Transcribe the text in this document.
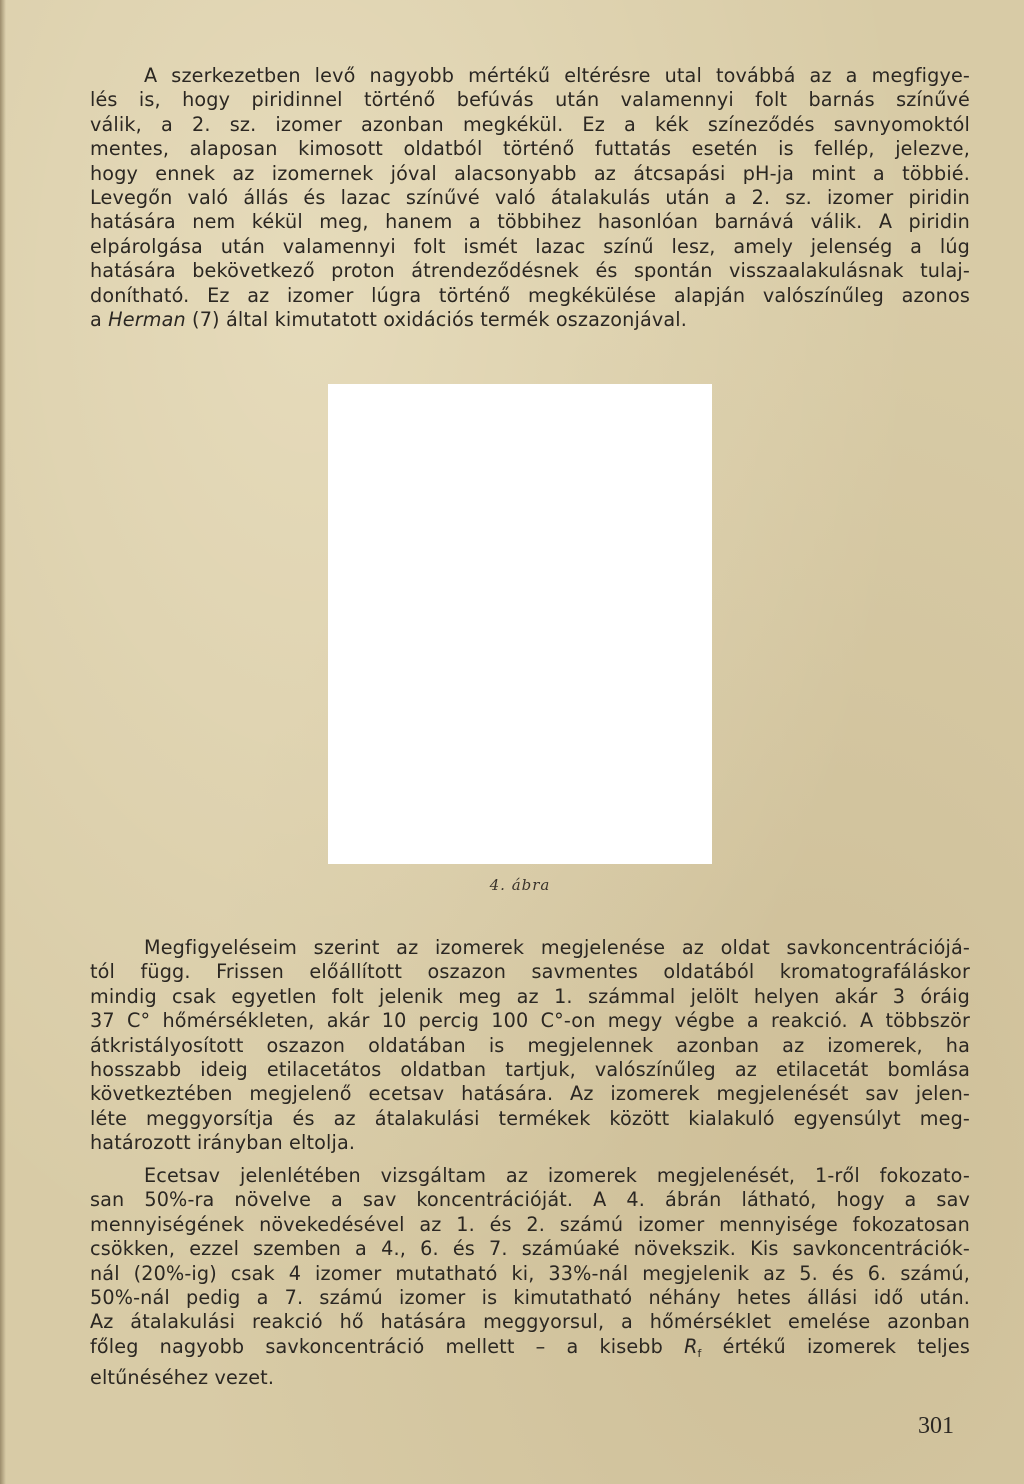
A szerkezetben levő nagyobb mértékű eltérésre utal továbbá az a megfigye-
lés is, hogy piridinnel történő befúvás után valamennyi folt barnás színűvé
válik, a 2. sz. izomer azonban megkékül. Ez a kék színeződés savnyomoktól
mentes, alaposan kimosott oldatból történő futtatás esetén is fellép, jelezve,
hogy ennek az izomernek jóval alacsonyabb az átcsapási pH-ja mint a többié.
Levegőn való állás és lazac színűvé való átalakulás után a 2. sz. izomer piridin
hatására nem kékül meg, hanem a többihez hasonlóan barnává válik. A piridin
elpárolgása után valamennyi folt ismét lazac színű lesz, amely jelenség a lúg
hatására bekövetkező proton átrendeződésnek és spontán visszaalakulásnak tulaj-
donítható. Ez az izomer lúgra történő megkékülése alapján valószínűleg azonos
a Herman (7) által kimutatott oxidációs termék oszazonjával.
4. ábra
Megfigyeléseim szerint az izomerek megjelenése az oldat savkoncentrációjá-
tól függ. Frissen előállított oszazon savmentes oldatából kromatografáláskor
mindig csak egyetlen folt jelenik meg az 1. számmal jelölt helyen akár 3 óráig
37 C° hőmérsékleten, akár 10 percig 100 C°-on megy végbe a reakció. A többször
átkristályosított oszazon oldatában is megjelennek azonban az izomerek, ha
hosszabb ideig etilacetátos oldatban tartjuk, valószínűleg az etilacetát bomlása
következtében megjelenő ecetsav hatására. Az izomerek megjelenését sav jelen-
léte meggyorsítja és az átalakulási termékek között kialakuló egyensúlyt meg-
határozott irányban eltolja.
Ecetsav jelenlétében vizsgáltam az izomerek megjelenését, 1-ről fokozato-
san 50%-ra növelve a sav koncentrációját. A 4. ábrán látható, hogy a sav
mennyiségének növekedésével az 1. és 2. számú izomer mennyisége fokozatosan
csökken, ezzel szemben a 4., 6. és 7. számúaké növekszik. Kis savkoncentrációk-
nál (20%-ig) csak 4 izomer mutatható ki, 33%-nál megjelenik az 5. és 6. számú,
50%-nál pedig a 7. számú izomer is kimutatható néhány hetes állási idő után.
Az átalakulási reakció hő hatására meggyorsul, a hőmérséklet emelése azonban
főleg nagyobb savkoncentráció mellett – a kisebb $R_f$ értékű izomerek teljes
eltűnéséhez vezet.
301
